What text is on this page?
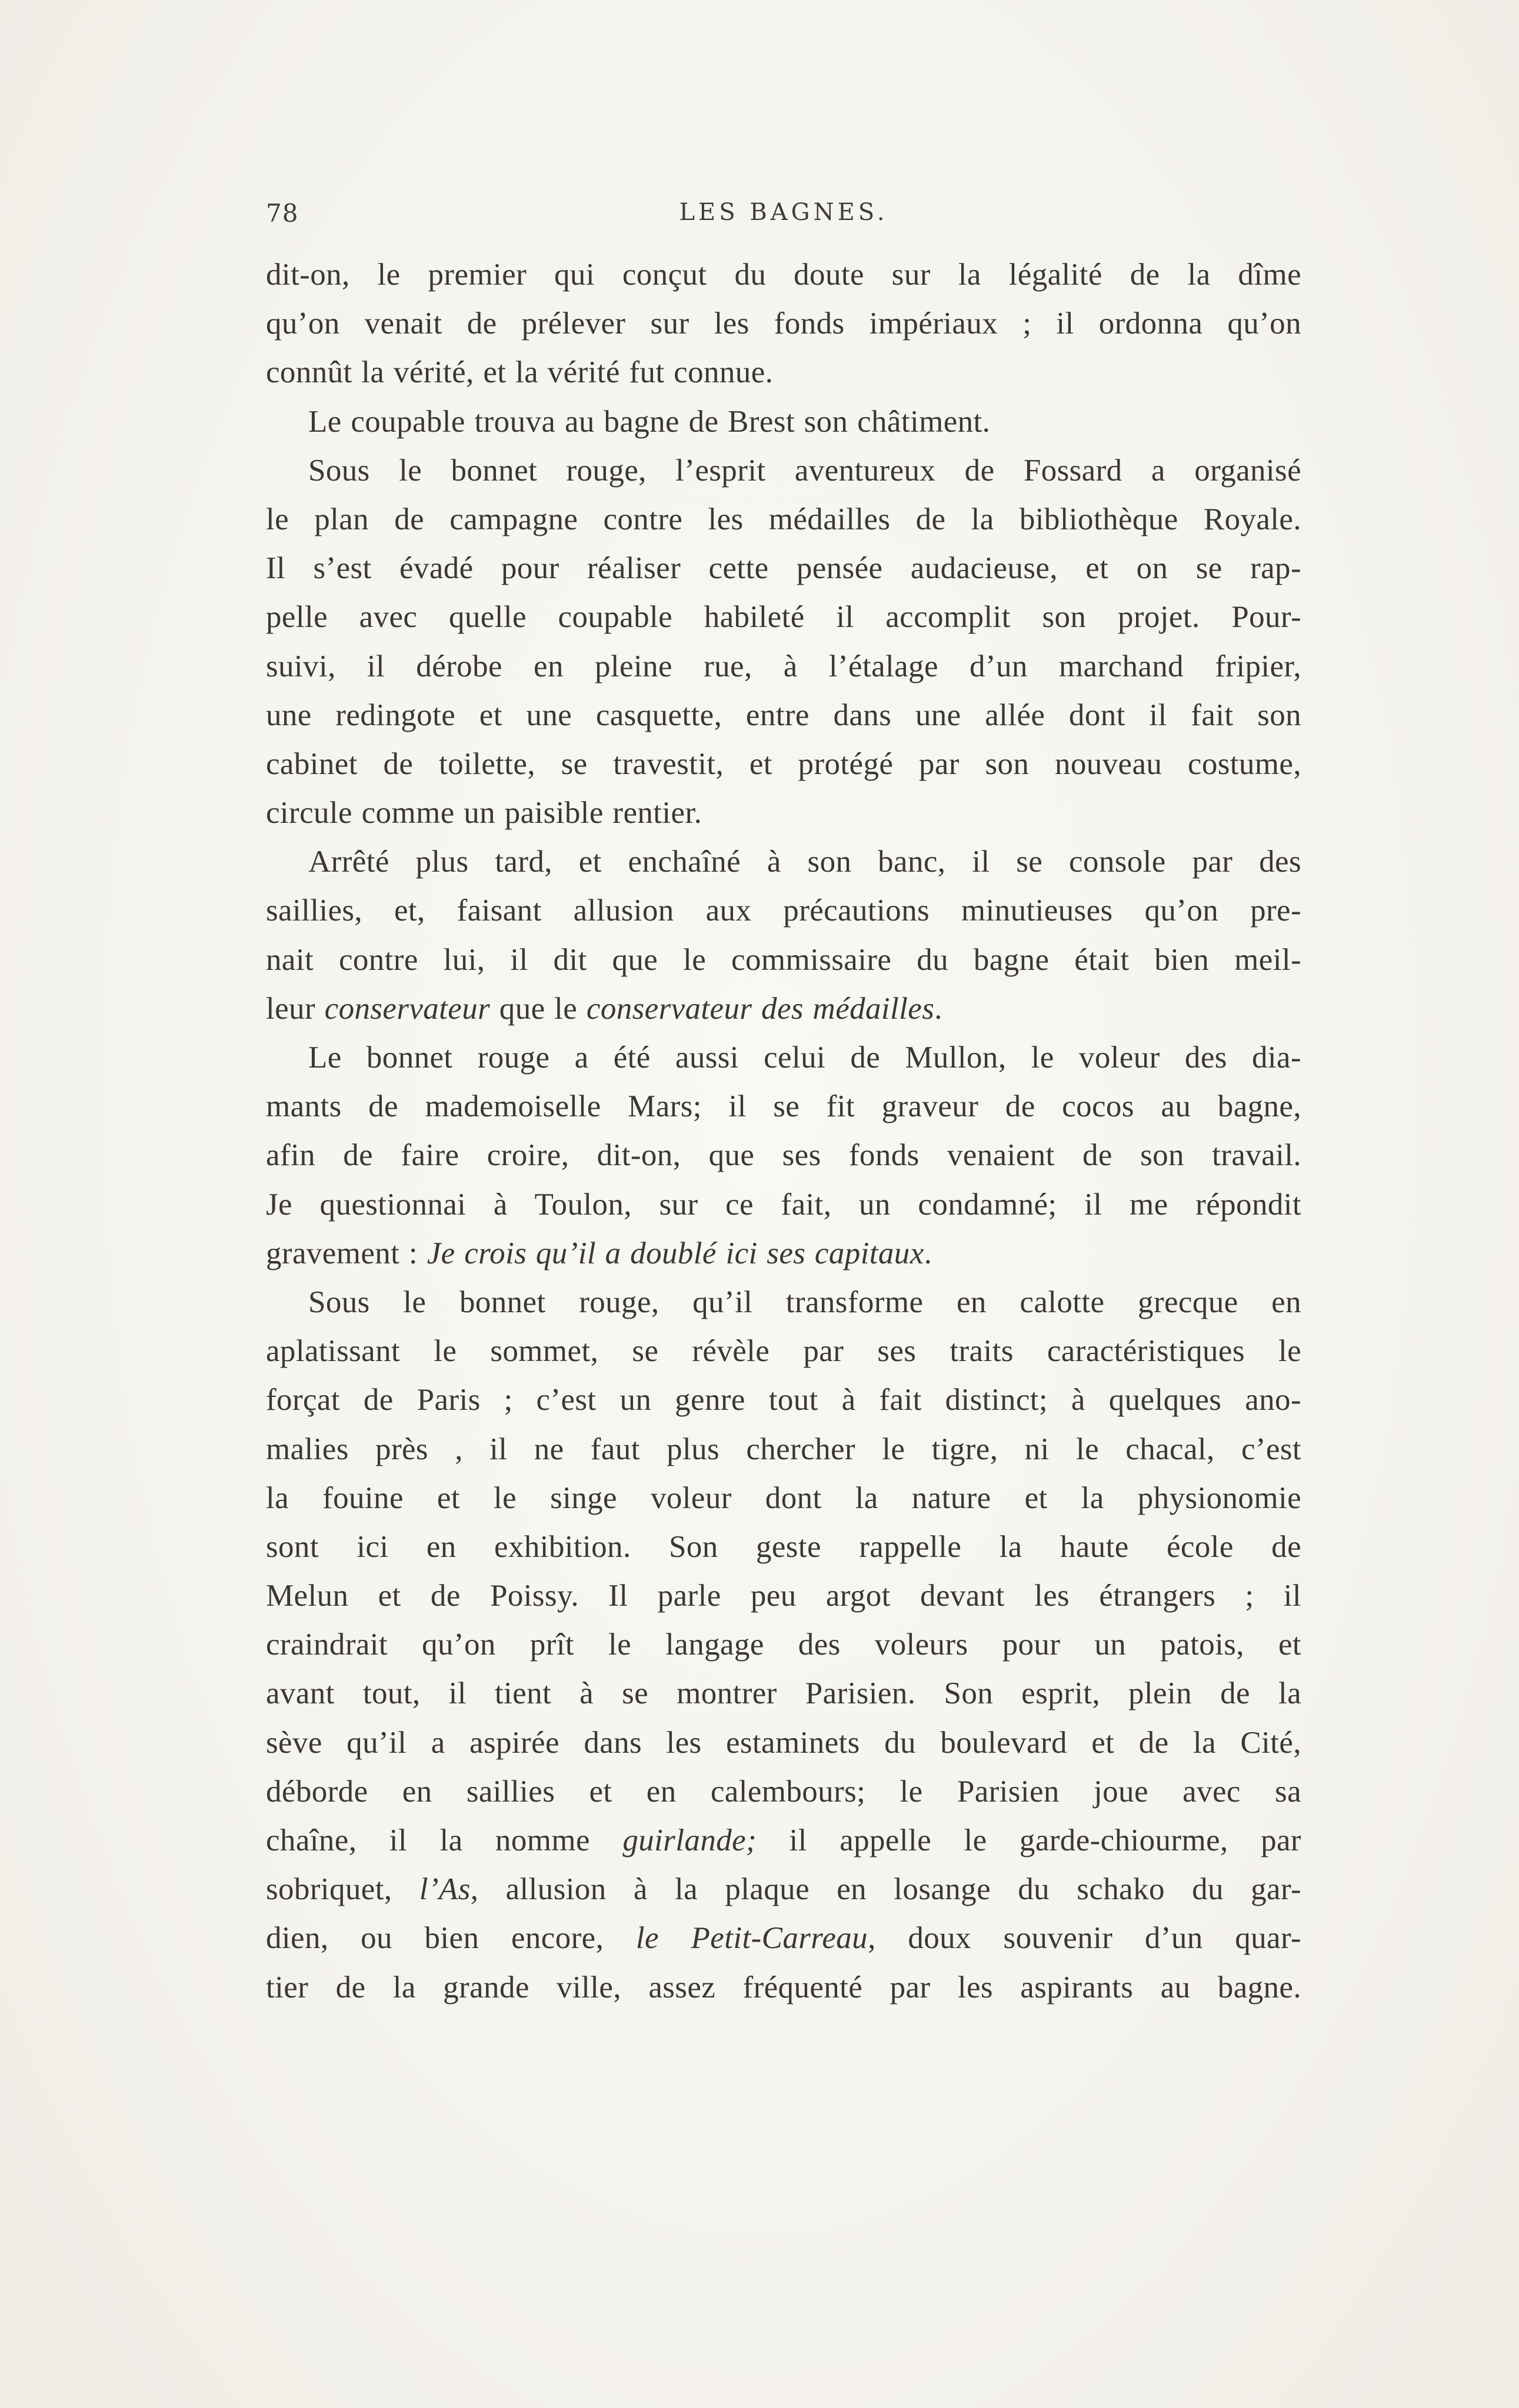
78	LES BAGNES.
dit-on, le premier qui conçut du doute sur la légalité de la dîme
qu’on venait de prélever sur les fonds impériaux ; il ordonna qu’on
connût la vérité, et la vérité fut connue.
Le coupable trouva au bagne de Brest son châtiment.
Sous le bonnet rouge, l’esprit aventureux de Fossard a organisé
le plan de campagne contre les médailles de la bibliothèque Royale.
Il s’est évadé pour réaliser cette pensée audacieuse, et on se rap-
pelle avec quelle coupable habileté il accomplit son projet. Pour-
suivi, il dérobe en pleine rue, à l’étalage d’un marchand fripier,
une redingote et une casquette, entre dans une allée dont il fait son
cabinet de toilette, se travestit, et protégé par son nouveau costume,
circule comme un paisible rentier.
Arrêté plus tard, et enchaîné à son banc, il se console par des
saillies, et, faisant allusion aux précautions minutieuses qu’on pre-
nait contre lui, il dit que le commissaire du bagne était bien meil-
leur conservateur que le conservateur des médailles.
Le bonnet rouge a été aussi celui de Mullon, le voleur des dia-
mants de mademoiselle Mars; il se fit graveur de cocos au bagne,
afin de faire croire, dit-on, que ses fonds venaient de son travail.
Je questionnai à Toulon, sur ce fait, un condamné; il me répondit
gravement : Je crois qu’il a doublé ici ses capitaux.
Sous le bonnet rouge, qu’il transforme en calotte grecque en
aplatissant le sommet, se révèle par ses traits caractéristiques le
forçat de Paris ; c’est un genre tout à fait distinct; à quelques ano-
malies près , il ne faut plus chercher le tigre, ni le chacal, c’est
la fouine et le singe voleur dont la nature et la physionomie
sont ici en exhibition. Son geste rappelle la haute école de
Melun et de Poissy. Il parle peu argot devant les étrangers ; il
craindrait qu’on prît le langage des voleurs pour un patois, et
avant tout, il tient à se montrer Parisien. Son esprit, plein de la
sève qu’il a aspirée dans les estaminets du boulevard et de la Cité,
déborde en saillies et en calembours; le Parisien joue avec sa
chaîne, il la nomme guirlande; il appelle le garde-chiourme, par
sobriquet, l’As, allusion à la plaque en losange du schako du gar-
dien, ou bien encore, le Petit-Carreau, doux souvenir d’un quar-
tier de la grande ville, assez fréquenté par les aspirants au bagne.
